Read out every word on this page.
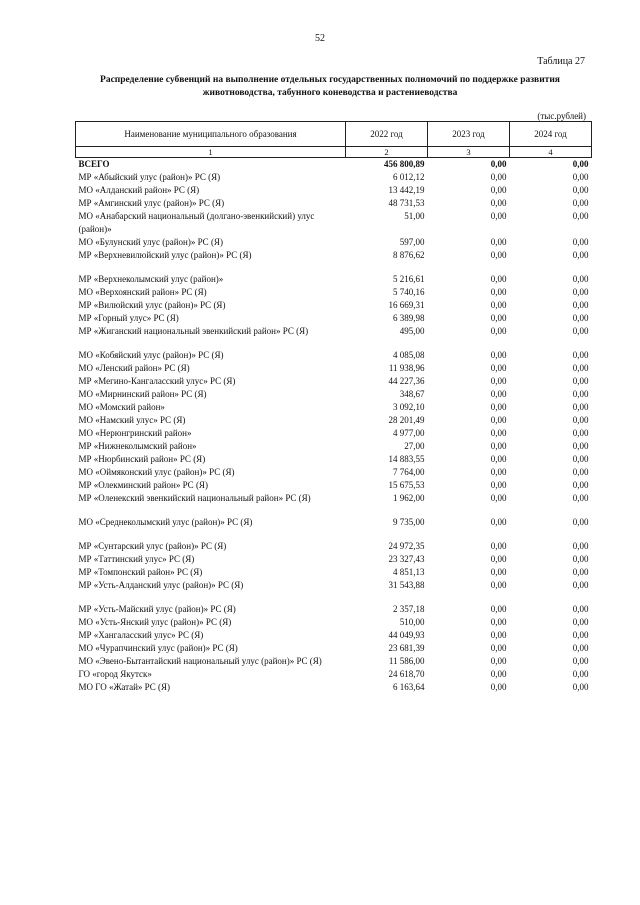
52
Таблица 27
Распределение субвенций на выполнение отдельных государственных полномочий по поддержке развития животноводства, табунного коневодства и растениеводства
(тыс.рублей)
Наименование муниципального образования	2022 год	2023 год	2024 год
1	2	3	4
ВСЕГО	456 800,89	0,00	0,00
МР «Абыйский улус (район)» РС (Я)	6 012,12	0,00	0,00
МО «Алданский район» РС (Я)	13 442,19	0,00	0,00
МР «Амгинский улус (район)» РС (Я)	48 731,53	0,00	0,00
МО «Анабарский национальный (долгано-эвенкийский) улус (район)»	51,00	0,00	0,00
МО «Булунский улус (район)» РС (Я)	597,00	0,00	0,00
МР «Верхневилюйский улус (район)» РС (Я)	8 876,62	0,00	0,00

МР «Верхнеколымский улус (район)»	5 216,61	0,00	0,00
МО «Верхоянский район» РС (Я)	5 740,16	0,00	0,00
МР «Вилюйский улус (район)» РС (Я)	16 669,31	0,00	0,00
МР «Горный улус» РС (Я)	6 389,98	0,00	0,00
МР «Жиганский национальный эвенкийский район» РС (Я)	495,00	0,00	0,00

МО «Кобяйский улус (район)» РС (Я)	4 085,08	0,00	0,00
МО «Ленский район» РС (Я)	11 938,96	0,00	0,00
МР «Мегино-Кангаласский улус» РС (Я)	44 227,36	0,00	0,00
МО «Мирнинский район» РС (Я)	348,67	0,00	0,00
МО «Момский район»	3 092,10	0,00	0,00
МО «Намский улус» РС (Я)	28 201,49	0,00	0,00
МО «Нерюнгринский район»	4 977,00	0,00	0,00
МР «Нижнеколымский район»	27,00	0,00	0,00
МР «Нюрбинский район» РС (Я)	14 883,55	0,00	0,00
МО «Оймяконский улус (район)» РС (Я)	7 764,00	0,00	0,00
МР «Олекминский район» РС (Я)	15 675,53	0,00	0,00
МР «Оленекский эвенкийский национальный район» РС (Я)	1 962,00	0,00	0,00

МО «Среднеколымский улус (район)» РС (Я)	9 735,00	0,00	0,00

МР «Сунтарский улус (район)» РС (Я)	24 972,35	0,00	0,00
МР «Таттинский улус» РС (Я)	23 327,43	0,00	0,00
МР «Томпонский район» РС (Я)	4 851,13	0,00	0,00
МР «Усть-Алданский улус (район)» РС (Я)	31 543,88	0,00	0,00

МР «Усть-Майский улус (район)» РС (Я)	2 357,18	0,00	0,00
МО «Усть-Янский улус (район)» РС (Я)	510,00	0,00	0,00
МР «Хангаласский улус» РС (Я)	44 049,93	0,00	0,00
МО «Чурапчинский улус (район)» РС (Я)	23 681,39	0,00	0,00
МО «Эвено-Бытантайский национальный улус (район)» РС (Я)	11 586,00	0,00	0,00
ГО «город Якутск»	24 618,70	0,00	0,00
МО ГО «Жатай» РС (Я)	6 163,64	0,00	0,00
